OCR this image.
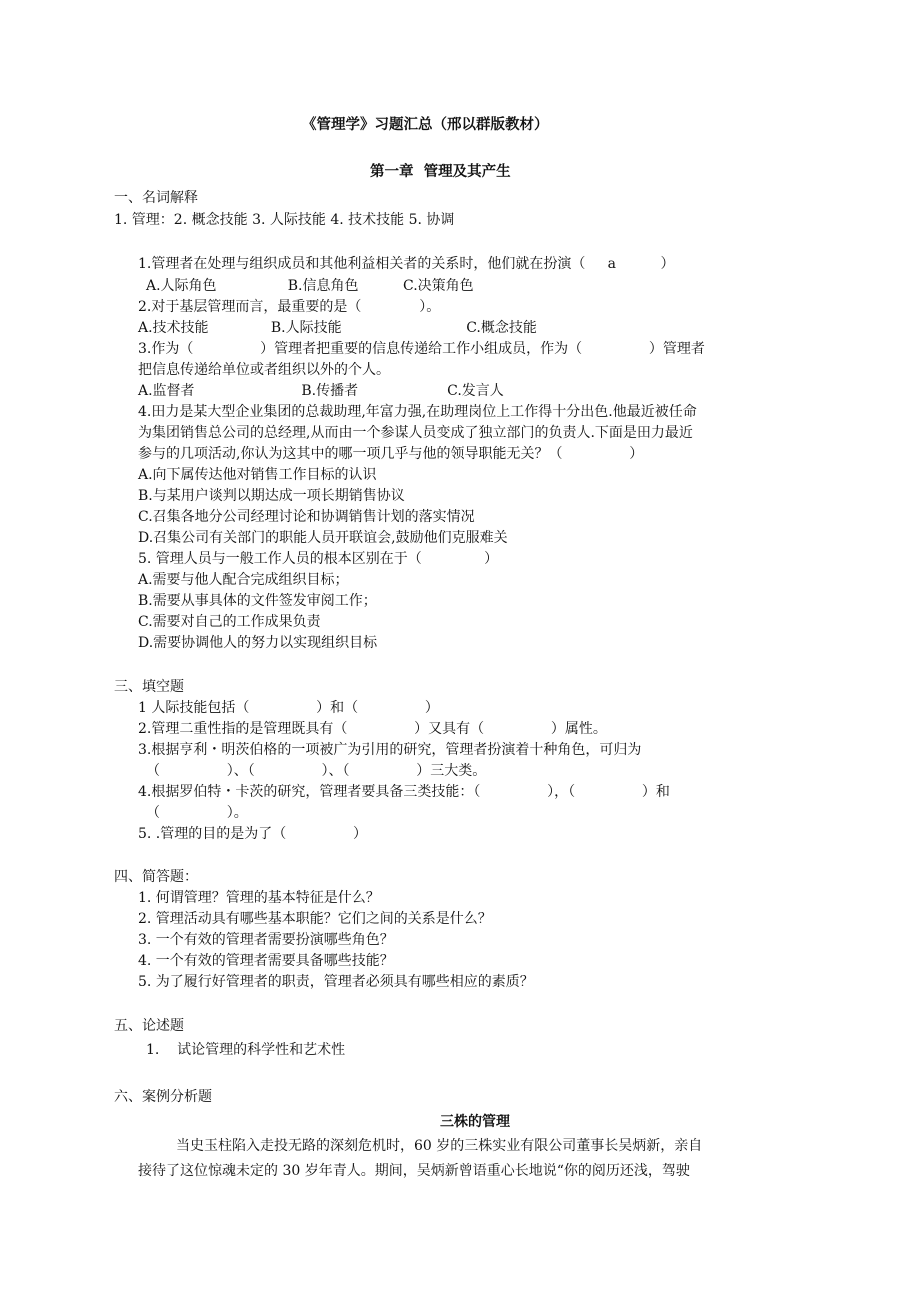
《管理学》习题汇总（邢以群版教材）
第一章  管理及其产生
一、名词解释
1. 管理：2. 概念技能 3. 人际技能 4. 技术技能 5. 协调
1.管理者在处理与组织成员和其他利益相关者的关系时，他们就在扮演（     a          ）
A.人际角色                B.信息角色          C.决策角色
2.对于基层管理而言，最重要的是（             ）。
A.技术技能              B.人际技能                            C.概念技能
3.作为（               ）管理者把重要的信息传递给工作小组成员，作为（               ）管理者
把信息传递给单位或者组织以外的个人。
A.监督者                        B.传播者                    C.发言人
4.田力是某大型企业集团的总裁助理,年富力强,在助理岗位上工作得十分出色.他最近被任命
为集团销售总公司的总经理,从而由一个参谋人员变成了独立部门的负责人.下面是田力最近
参与的几项活动,你认为这其中的哪一项几乎与他的领导职能无关？（               ）
A.向下属传达他对销售工作目标的认识
B.与某用户谈判以期达成一项长期销售协议
C.召集各地分公司经理讨论和协调销售计划的落实情况
D.召集公司有关部门的职能人员开联谊会,鼓励他们克服难关
5. 管理人员与一般工作人员的根本区别在于（              ）
A.需要与他人配合完成组织目标；
B.需要从事具体的文件签发审阅工作；
C.需要对自己的工作成果负责
D.需要协调他人的努力以实现组织目标
三、填空题
1 人际技能包括（               ）和（               ）
2.管理二重性指的是管理既具有（               ）又具有（               ）属性。
3.根据亨利・明茨伯格的一项被广为引用的研究，管理者扮演着十种角色，可归为
（               ）、（               ）、（               ）三大类。
4.根据罗伯特・卡茨的研究，管理者要具备三类技能：（               ），（               ）和
（               ）。
5. .管理的目的是为了（               ）
四、简答题：
1. 何谓管理？管理的基本特征是什么？
2. 管理活动具有哪些基本职能？它们之间的关系是什么？
3. 一个有效的管理者需要扮演哪些角色？
4. 一个有效的管理者需要具备哪些技能？
5. 为了履行好管理者的职责，管理者必须具有哪些相应的素质？
五、论述题
1.    试论管理的科学性和艺术性
六、案例分析题
三株的管理
当史玉柱陷入走投无路的深刻危机时，60 岁的三株实业有限公司董事长吴炳新，亲自
接待了这位惊魂未定的 30 岁年青人。期间，吴炳新曾语重心长地说“你的阅历还浅，驾驶
